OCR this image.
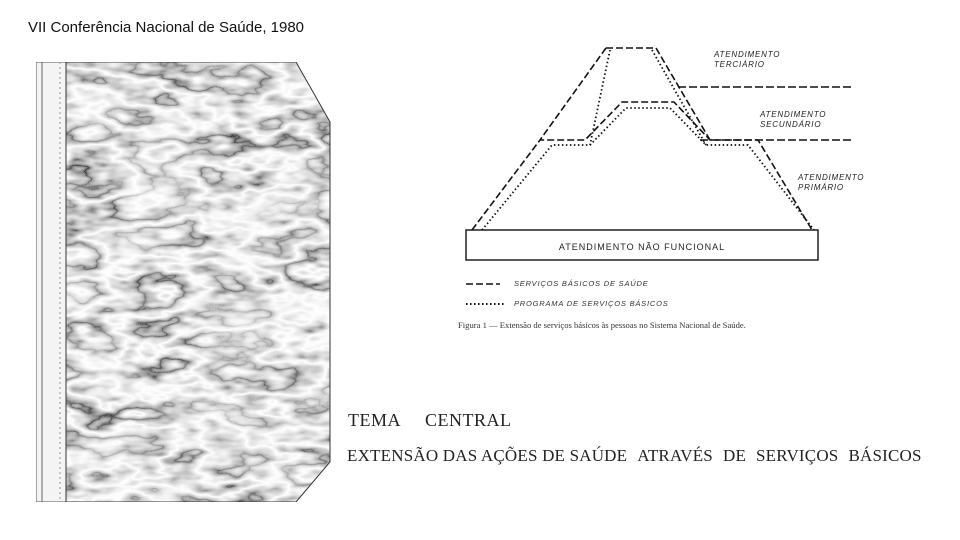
VII Conferência Nacional de Saúde, 1980
ATENDIMENTO
TERCIÁRIO
ATENDIMENTO
SECUNDÁRIO
ATENDIMENTO
PRIMÁRIO
ATENDIMENTO NÃO FUNCIONAL
SERVIÇOS BÁSICOS DE SAÚDE
PROGRAMA DE SERVIÇOS BÁSICOS
Figura 1 — Extensão de serviços básicos às pessoas no Sistema Nacional de Saúde.
TEMA CENTRAL
EXTENSÃO DAS AÇÕES DE SAÚDE ATRAVÉS DE SERVIÇOS BÁSICOS
